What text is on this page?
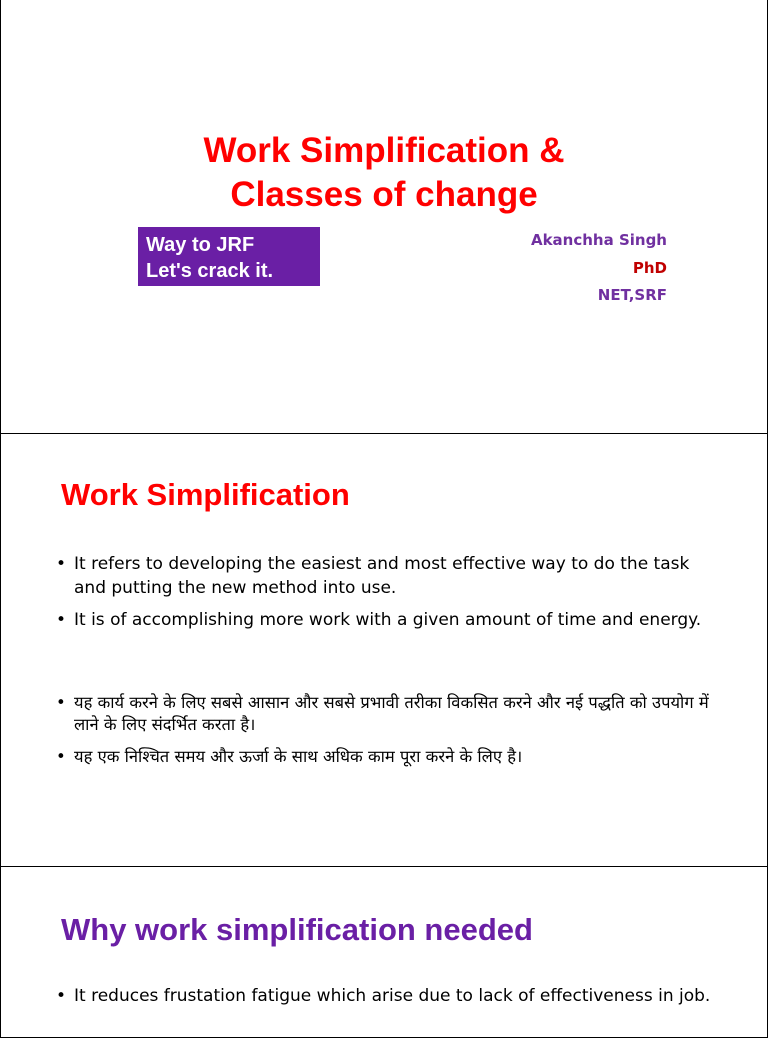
Work Simplification &
Classes of change
Way to JRF
Let's crack it.
Akanchha Singh
PhD
NET,SRF
Work Simplification
• It refers to developing the easiest and most effective way to do the task and putting the new method into use.
• It is of accomplishing more work with a given amount of time and energy.
• यह कार्य करने के लिए सबसे आसान और सबसे प्रभावी तरीका विकसित करने और नई पद्धति को उपयोग में लाने के लिए संदर्भित करता है।
• यह एक निश्चित समय और ऊर्जा के साथ अधिक काम पूरा करने के लिए है।
Why work simplification needed
• It reduces frustation fatigue which arise due to lack of effectiveness in job.
